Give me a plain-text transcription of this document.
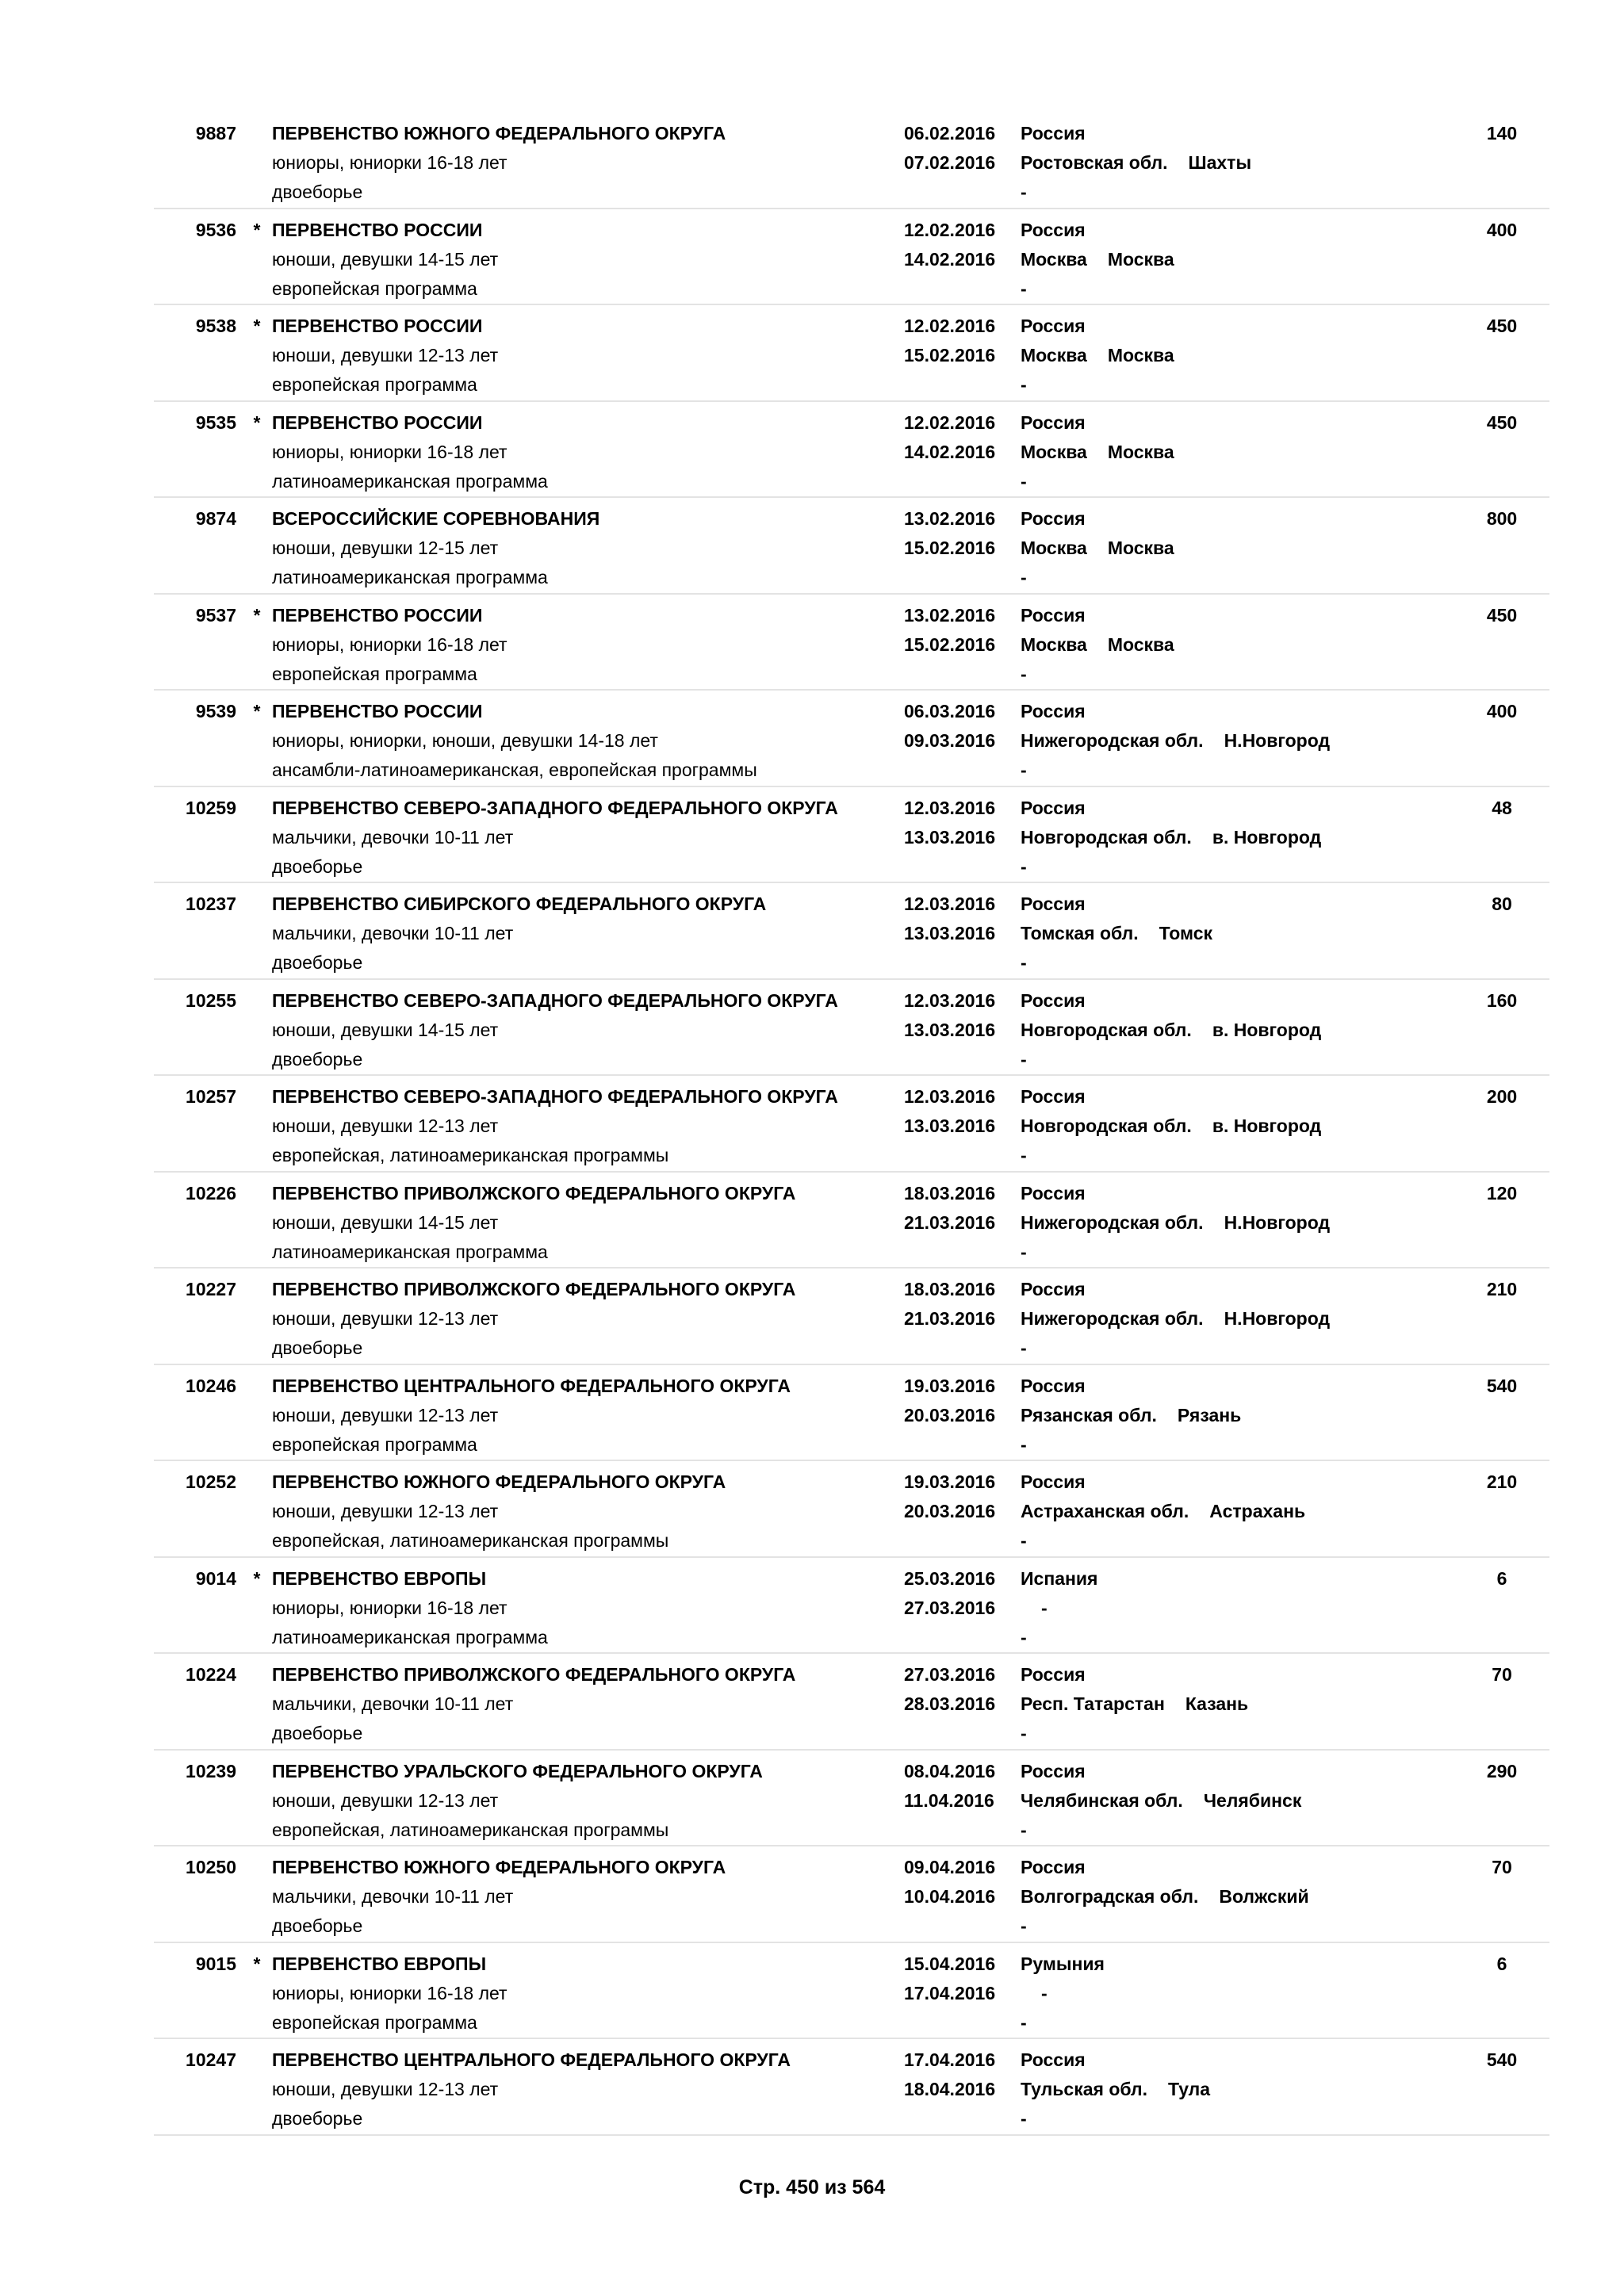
9887 ПЕРВЕНСТВО ЮЖНОГО ФЕДЕРАЛЬНОГО ОКРУГА
юниоры, юниорки 16-18 лет
двоеборье
06.02.2016
07.02.2016
Россия
-
140
Ростовская обл. Шахты
9536 * ПЕРВЕНСТВО РОССИИ
юноши, девушки 14-15 лет
европейская программа
12.02.2016
14.02.2016
Россия
-
400
Москва Москва
9538 * ПЕРВЕНСТВО РОССИИ
юноши, девушки 12-13 лет
европейская программа
12.02.2016
15.02.2016
Россия
-
450
Москва Москва
9535 * ПЕРВЕНСТВО РОССИИ
юниоры, юниорки 16-18 лет
латиноамериканская программа
12.02.2016
14.02.2016
Россия
-
450
Москва Москва
9874 ВСЕРОССИЙСКИЕ СОРЕВНОВАНИЯ
юноши, девушки 12-15 лет
латиноамериканская программа
13.02.2016
15.02.2016
Россия
-
800
Москва Москва
9537 * ПЕРВЕНСТВО РОССИИ
юниоры, юниорки 16-18 лет
европейская программа
13.02.2016
15.02.2016
Россия
-
450
Москва Москва
9539 * ПЕРВЕНСТВО РОССИИ
юниоры, юниорки, юноши, девушки 14-18 лет
ансамбли-латиноамериканская, европейская программы
06.03.2016
09.03.2016
Россия
-
400
Нижегородская обл. Н.Новгород
10259 ПЕРВЕНСТВО СЕВЕРО-ЗАПАДНОГО ФЕДЕРАЛЬНОГО ОКРУГА
мальчики, девочки 10-11 лет
двоеборье
12.03.2016
13.03.2016
Россия
-
48
Новгородская обл. в. Новгород
10237 ПЕРВЕНСТВО СИБИРСКОГО ФЕДЕРАЛЬНОГО ОКРУГА
мальчики, девочки 10-11 лет
двоеборье
12.03.2016
13.03.2016
Россия
-
80
Томская обл. Томск
10255 ПЕРВЕНСТВО СЕВЕРО-ЗАПАДНОГО ФЕДЕРАЛЬНОГО ОКРУГА
юноши, девушки 14-15 лет
двоеборье
12.03.2016
13.03.2016
Россия
-
160
Новгородская обл. в. Новгород
10257 ПЕРВЕНСТВО СЕВЕРО-ЗАПАДНОГО ФЕДЕРАЛЬНОГО ОКРУГА
юноши, девушки 12-13 лет
европейская, латиноамериканская программы
12.03.2016
13.03.2016
Россия
-
200
Новгородская обл. в. Новгород
10226 ПЕРВЕНСТВО ПРИВОЛЖСКОГО ФЕДЕРАЛЬНОГО ОКРУГА
юноши, девушки 14-15 лет
латиноамериканская программа
18.03.2016
21.03.2016
Россия
-
120
Нижегородская обл. Н.Новгород
10227 ПЕРВЕНСТВО ПРИВОЛЖСКОГО ФЕДЕРАЛЬНОГО ОКРУГА
юноши, девушки 12-13 лет
двоеборье
18.03.2016
21.03.2016
Россия
-
210
Нижегородская обл. Н.Новгород
10246 ПЕРВЕНСТВО ЦЕНТРАЛЬНОГО ФЕДЕРАЛЬНОГО ОКРУГА
юноши, девушки 12-13 лет
европейская программа
19.03.2016
20.03.2016
Россия
-
540
Рязанская обл. Рязань
10252 ПЕРВЕНСТВО ЮЖНОГО ФЕДЕРАЛЬНОГО ОКРУГА
юноши, девушки 12-13 лет
европейская, латиноамериканская программы
19.03.2016
20.03.2016
Россия
-
210
Астраханская обл. Астрахань
9014 * ПЕРВЕНСТВО ЕВРОПЫ
юниоры, юниорки 16-18 лет
латиноамериканская программа
25.03.2016
27.03.2016
Испания
-
6
-
10224 ПЕРВЕНСТВО ПРИВОЛЖСКОГО ФЕДЕРАЛЬНОГО ОКРУГА
мальчики, девочки 10-11 лет
двоеборье
27.03.2016
28.03.2016
Россия
-
70
Респ. Татарстан Казань
10239 ПЕРВЕНСТВО УРАЛЬСКОГО ФЕДЕРАЛЬНОГО ОКРУГА
юноши, девушки 12-13 лет
европейская, латиноамериканская программы
08.04.2016
11.04.2016
Россия
-
290
Челябинская обл. Челябинск
10250 ПЕРВЕНСТВО ЮЖНОГО ФЕДЕРАЛЬНОГО ОКРУГА
мальчики, девочки 10-11 лет
двоеборье
09.04.2016
10.04.2016
Россия
-
70
Волгоградская обл. Волжский
9015 * ПЕРВЕНСТВО ЕВРОПЫ
юниоры, юниорки 16-18 лет
европейская программа
15.04.2016
17.04.2016
Румыния
-
6
-
10247 ПЕРВЕНСТВО ЦЕНТРАЛЬНОГО ФЕДЕРАЛЬНОГО ОКРУГА
юноши, девушки 12-13 лет
двоеборье
17.04.2016
18.04.2016
Россия
-
540
Тульская обл. Тула
Стр. 450 из 564
